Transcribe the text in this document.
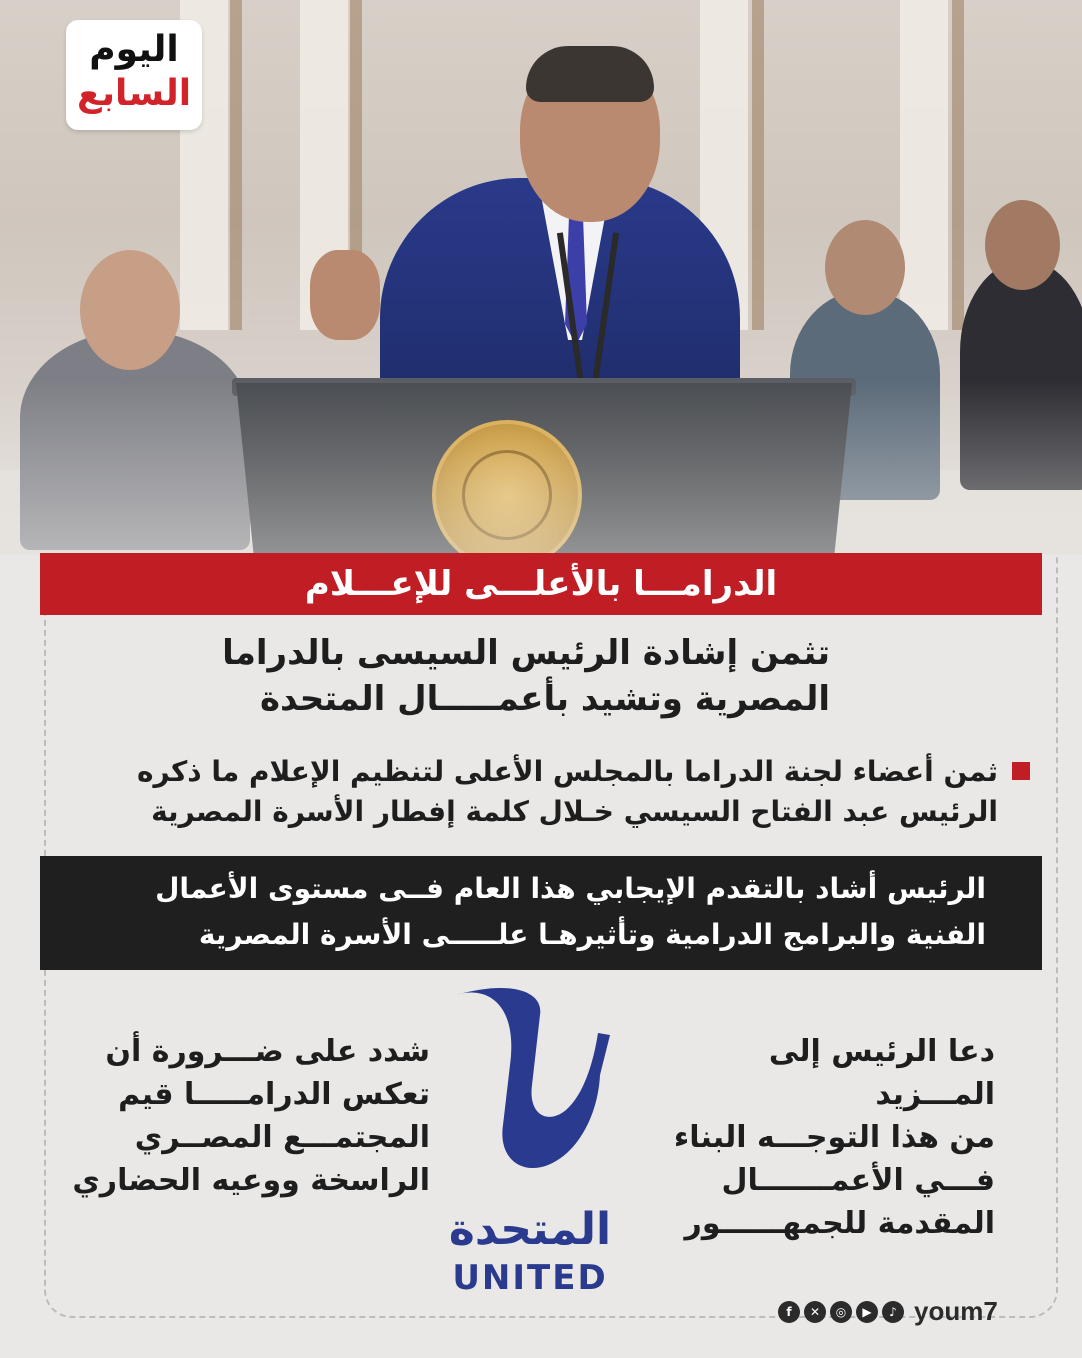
اليوم
السابع
الدرامـــا بالأعلـــى للإعـــلام
تثمن إشادة الرئيس السيسى بالدراما
المصرية وتشيد بأعمـــــال المتحدة
ثمن أعضاء لجنة الدراما بالمجلس الأعلى لتنظيم الإعلام ما ذكره
الرئيس عبد الفتاح السيسي خـلال كلمة إفطار الأسرة المصرية
الرئيس أشاد بالتقدم الإيجابي هذا العام فــى مستوى الأعمال
الفنية والبرامج الدرامية وتأثيرهـا علـــــى الأسرة المصرية
دعا الرئيس إلى المـــزيد
من هذا التوجـــه البناء
فـــي الأعمـــــــال
المقدمة للجمهــــــور
شدد على ضـــرورة أن
تعكس الدرامـــــا قيم
المجتمـــع المصــري
الراسخة ووعيه الحضاري
المتحدة
UNITED
f	✕	◎	▶	♪ youm7
